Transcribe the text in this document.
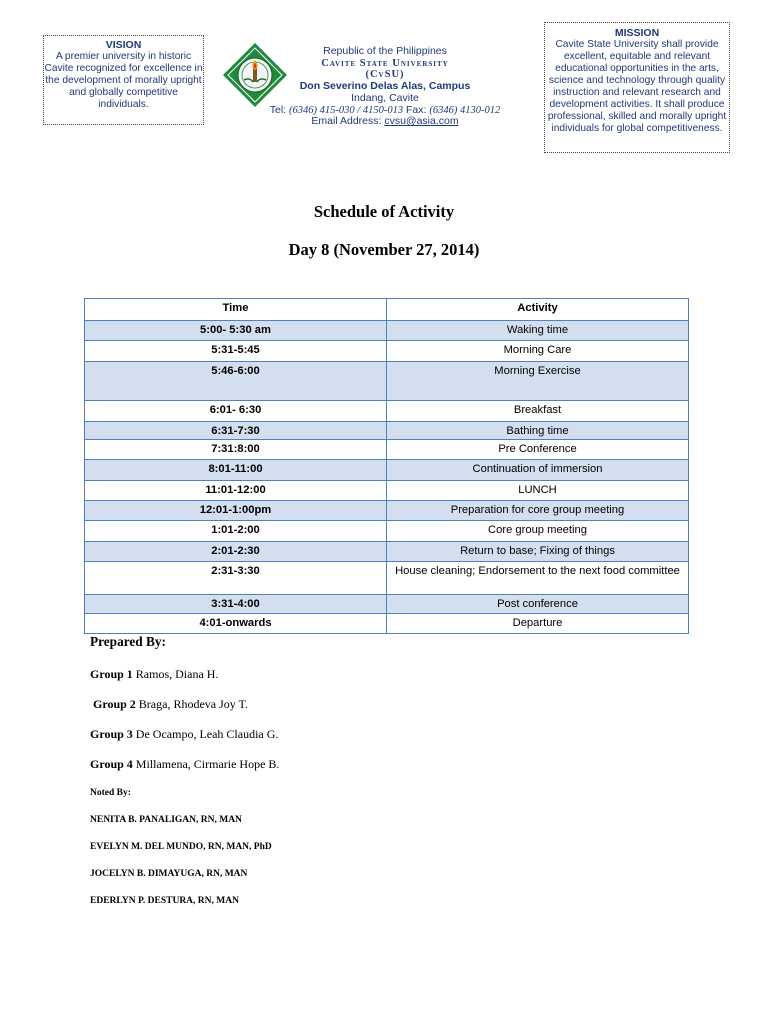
VISION
A premier university in historic Cavite recognized for excellence in the development of morally upright and globally competitive individuals.
Republic of the Philippines
Cavite State University
(CvSU)
Don Severino Delas Alas, Campus
Indang, Cavite
Tel: (6346) 415-030 / 4150-013 Fax: (6346) 4130-012
Email Address: cvsu@asia.com
MISSION
Cavite State University shall provide excellent, equitable and relevant educational opportunities in the arts, science and technology through quality instruction and relevant research and development activities. It shall produce professional, skilled and morally upright individuals for global competitiveness.
Schedule of Activity
Day 8 (November 27, 2014)
Time	Activity
5:00- 5:30 am	Waking time
5:31-5:45	Morning Care
5:46-6:00	Morning Exercise
6:01- 6:30	Breakfast
6:31-7:30	Bathing time
7:31:8:00	Pre Conference
8:01-11:00	Continuation of immersion
11:01-12:00	LUNCH
12:01-1:00pm	Preparation for core group meeting
1:01-2:00	Core group meeting
2:01-2:30	Return to base; Fixing of things
2:31-3:30	House cleaning; Endorsement to the next food committee
3:31-4:00	Post conference
4:01-onwards	Departure
Prepared By:
Group 1 Ramos, Diana H.
Group 2 Braga, Rhodeva Joy T.
Group 3 De Ocampo, Leah Claudia G.
Group 4 Millamena, Cirmarie Hope B.
Noted By:
NENITA B. PANALIGAN, RN, MAN
EVELYN M. DEL MUNDO, RN, MAN, PhD
JOCELYN B. DIMAYUGA, RN, MAN
EDERLYN P. DESTURA, RN, MAN
